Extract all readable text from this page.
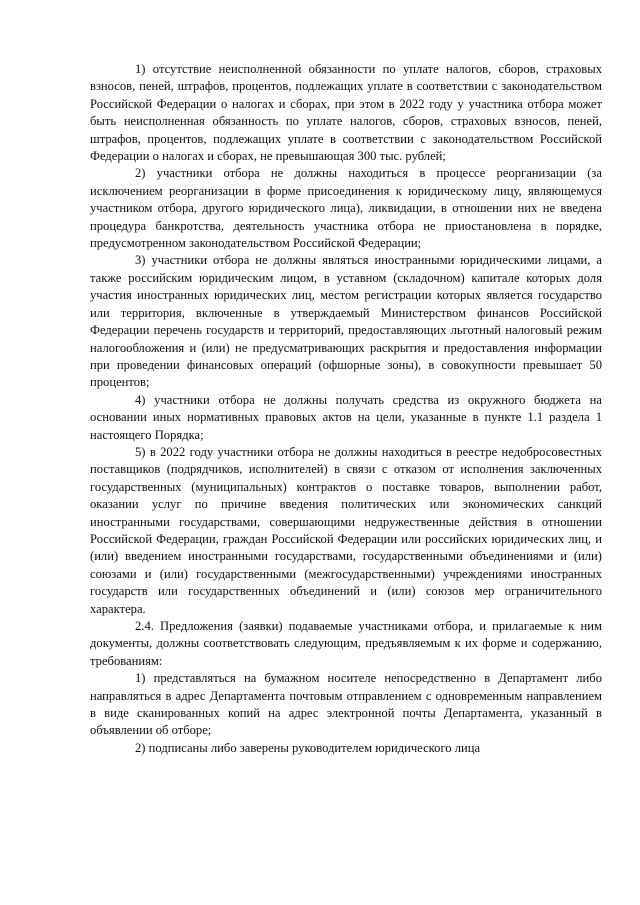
1) отсутствие неисполненной обязанности по уплате налогов, сборов, страховых взносов, пеней, штрафов, процентов, подлежащих уплате в соответствии с законодательством Российской Федерации о налогах и сборах, при этом в 2022 году у участника отбора может быть неисполненная обязанность по уплате налогов, сборов, страховых взносов, пеней, штрафов, процентов, подлежащих уплате в соответствии с законодательством Российской Федерации о налогах и сборах, не превышающая 300 тыс. рублей;

2) участники отбора не должны находиться в процессе реорганизации (за исключением реорганизации в форме присоединения к юридическому лицу, являющемуся участником отбора, другого юридического лица), ликвидации, в отношении них не введена процедура банкротства, деятельность участника отбора не приостановлена в порядке, предусмотренном законодательством Российской Федерации;

3) участники отбора не должны являться иностранными юридическими лицами, а также российским юридическим лицом, в уставном (складочном) капитале которых доля участия иностранных юридических лиц, местом регистрации которых является государство или территория, включенные в утверждаемый Министерством финансов Российской Федерации перечень государств и территорий, предоставляющих льготный налоговый режим налогообложения и (или) не предусматривающих раскрытия и предоставления информации при проведении финансовых операций (офшорные зоны), в совокупности превышает 50 процентов;

4) участники отбора не должны получать средства из окружного бюджета на основании иных нормативных правовых актов на цели, указанные в пункте 1.1 раздела 1 настоящего Порядка;

5) в 2022 году участники отбора не должны находиться в реестре недобросовестных поставщиков (подрядчиков, исполнителей) в связи с отказом от исполнения заключенных государственных (муниципальных) контрактов о поставке товаров, выполнении работ, оказании услуг по причине введения политических или экономических санкций иностранными государствами, совершающими недружественные действия в отношении Российской Федерации, граждан Российской Федерации или российских юридических лиц, и (или) введением иностранными государствами, государственными объединениями и (или) союзами и (или) государственными (межгосударственными) учреждениями иностранных государств или государственных объединений и (или) союзов мер ограничительного характера.

2.4. Предложения (заявки) подаваемые участниками отбора, и прилагаемые к ним документы, должны соответствовать следующим, предъявляемым к их форме и содержанию, требованиям:

1) представляться на бумажном носителе непосредственно в Департамент либо направляться в адрес Департамента почтовым отправлением с одновременным направлением в виде сканированных копий на адрес электронной почты Департамента, указанный в объявлении об отборе;

2) подписаны либо заверены руководителем юридического лица
